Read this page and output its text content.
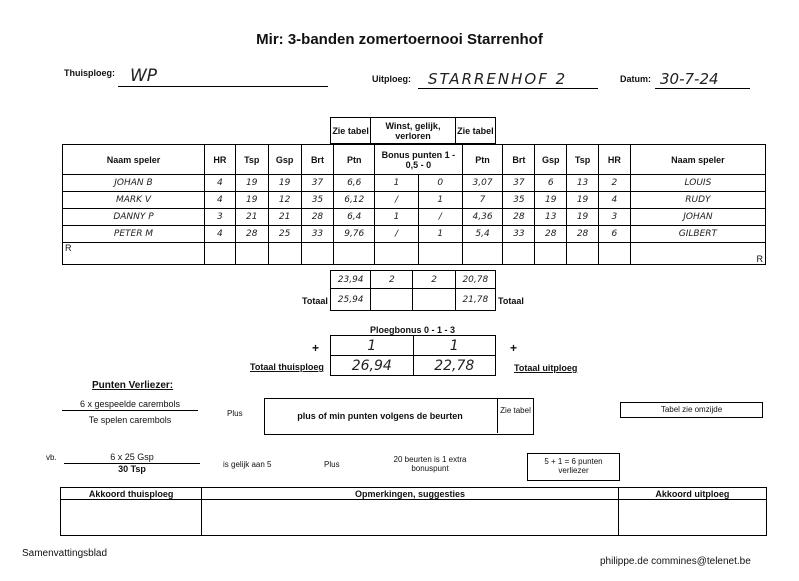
Mir: 3-banden zomertoernooi Starrenhof
Thuisploeg: WP	Uitploeg: STARRENHOF 2	Datum: 30-7-24
Zie tabel	Winst, gelijk, verloren	Zie tabel
Naam speler	HR	Tsp	Gsp	Brt	Ptn	Bonus punten 1 - 0,5 - 0		Ptn	Brt	Gsp	Tsp	HR	Naam speler
JOHAN B	4	19	19	37	6,6	1	0	3,07	37	6	13	2	LOUIS
MARK V	4	19	12	35	6,12	/	1	7	35	19	19	4	RUDY
DANNY P	3	21	21	28	6,4	1	/	4,36	28	13	19	3	JOHAN
PETER M	4	28	25	33	9,76	/	1	5,4	33	28	28	6	GILBERT
R													R
23,94	2	2	20,78
25,94			21,78
Totaal	Totaal
Ploegbonus 0 - 1 - 3
+	+
1	1
26,94	22,78
Totaal thuisploeg	Totaal uitploeg
Punten Verliezer:
6 x gespeelde carembols
Te spelen carembols
Plus	plus of min punten volgens de beurten
Zie tabel	Tabel zie omzijde
vb.	6 x 25 Gsp
30 Tsp	is gelijk aan 5	Plus
20 beurten is 1 extra bonuspunt
5 + 1 = 6 punten verliezer
Akkoord thuisploeg	Opmerkingen, suggesties	Akkoord uitploeg

Samenvattingsblad
philippe.de commines@telenet.be
